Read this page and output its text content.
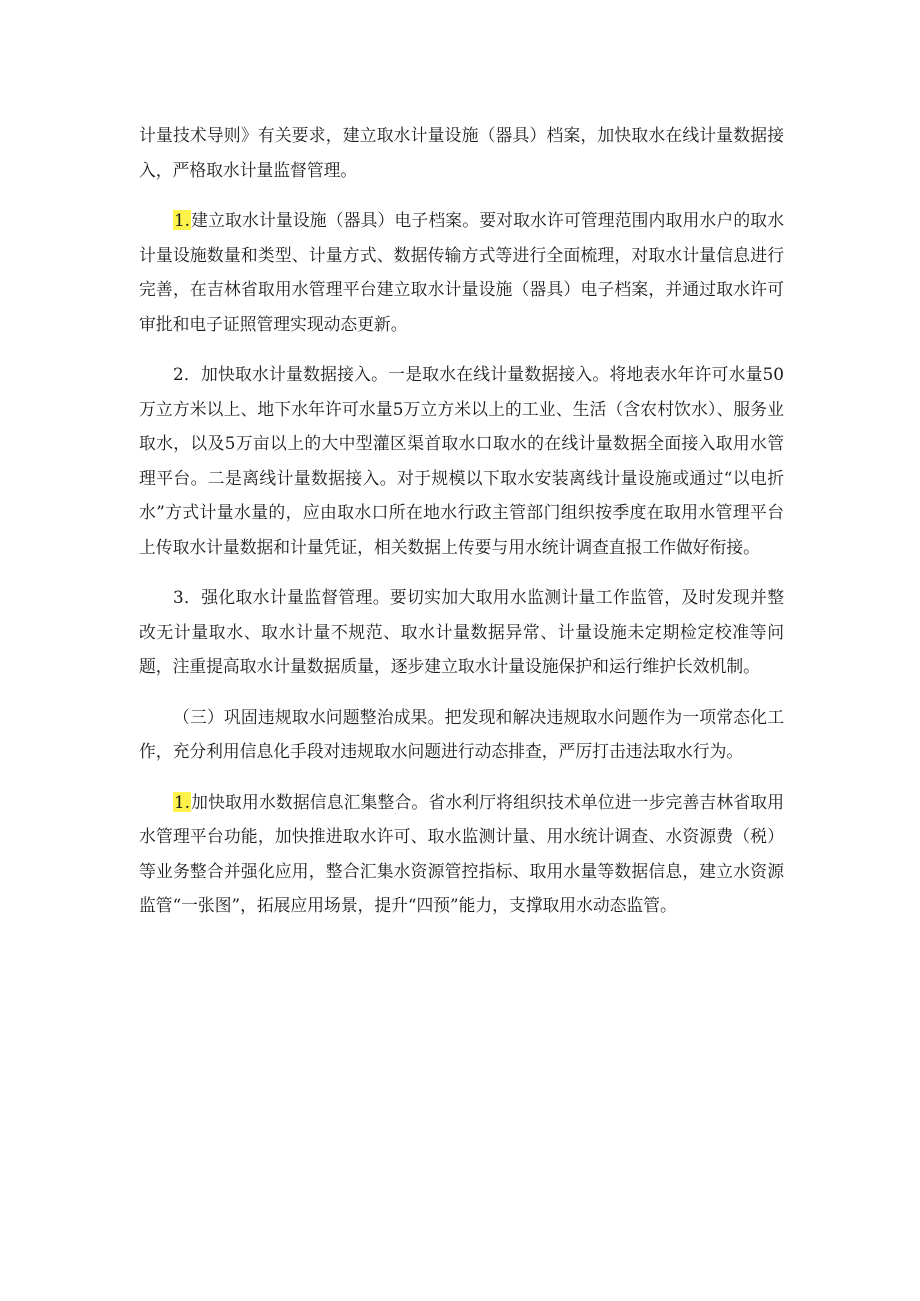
计量技术导则》有关要求，建立取水计量设施（器具）档案，加快取水在线计量数据接入，严格取水计量监督管理。

1.建立取水计量设施（器具）电子档案。要对取水许可管理范围内取用水户的取水计量设施数量和类型、计量方式、数据传输方式等进行全面梳理，对取水计量信息进行完善，在吉林省取用水管理平台建立取水计量设施（器具）电子档案，并通过取水许可审批和电子证照管理实现动态更新。

2．加快取水计量数据接入。一是取水在线计量数据接入。将地表水年许可水量50万立方米以上、地下水年许可水量5万立方米以上的工业、生活（含农村饮水）、服务业取水，以及5万亩以上的大中型灌区渠首取水口取水的在线计量数据全面接入取用水管理平台。二是离线计量数据接入。对于规模以下取水安装离线计量设施或通过“以电折水”方式计量水量的，应由取水口所在地水行政主管部门组织按季度在取用水管理平台上传取水计量数据和计量凭证，相关数据上传要与用水统计调查直报工作做好衔接。

3．强化取水计量监督管理。要切实加大取用水监测计量工作监管，及时发现并整改无计量取水、取水计量不规范、取水计量数据异常、计量设施未定期检定校准等问题，注重提高取水计量数据质量，逐步建立取水计量设施保护和运行维护长效机制。

（三）巩固违规取水问题整治成果。把发现和解决违规取水问题作为一项常态化工作，充分利用信息化手段对违规取水问题进行动态排查，严厉打击违法取水行为。

1.加快取用水数据信息汇集整合。省水利厅将组织技术单位进一步完善吉林省取用水管理平台功能，加快推进取水许可、取水监测计量、用水统计调查、水资源费（税）等业务整合并强化应用，整合汇集水资源管控指标、取用水量等数据信息，建立水资源监管“一张图”，拓展应用场景，提升“四预”能力，支撑取用水动态监管。
